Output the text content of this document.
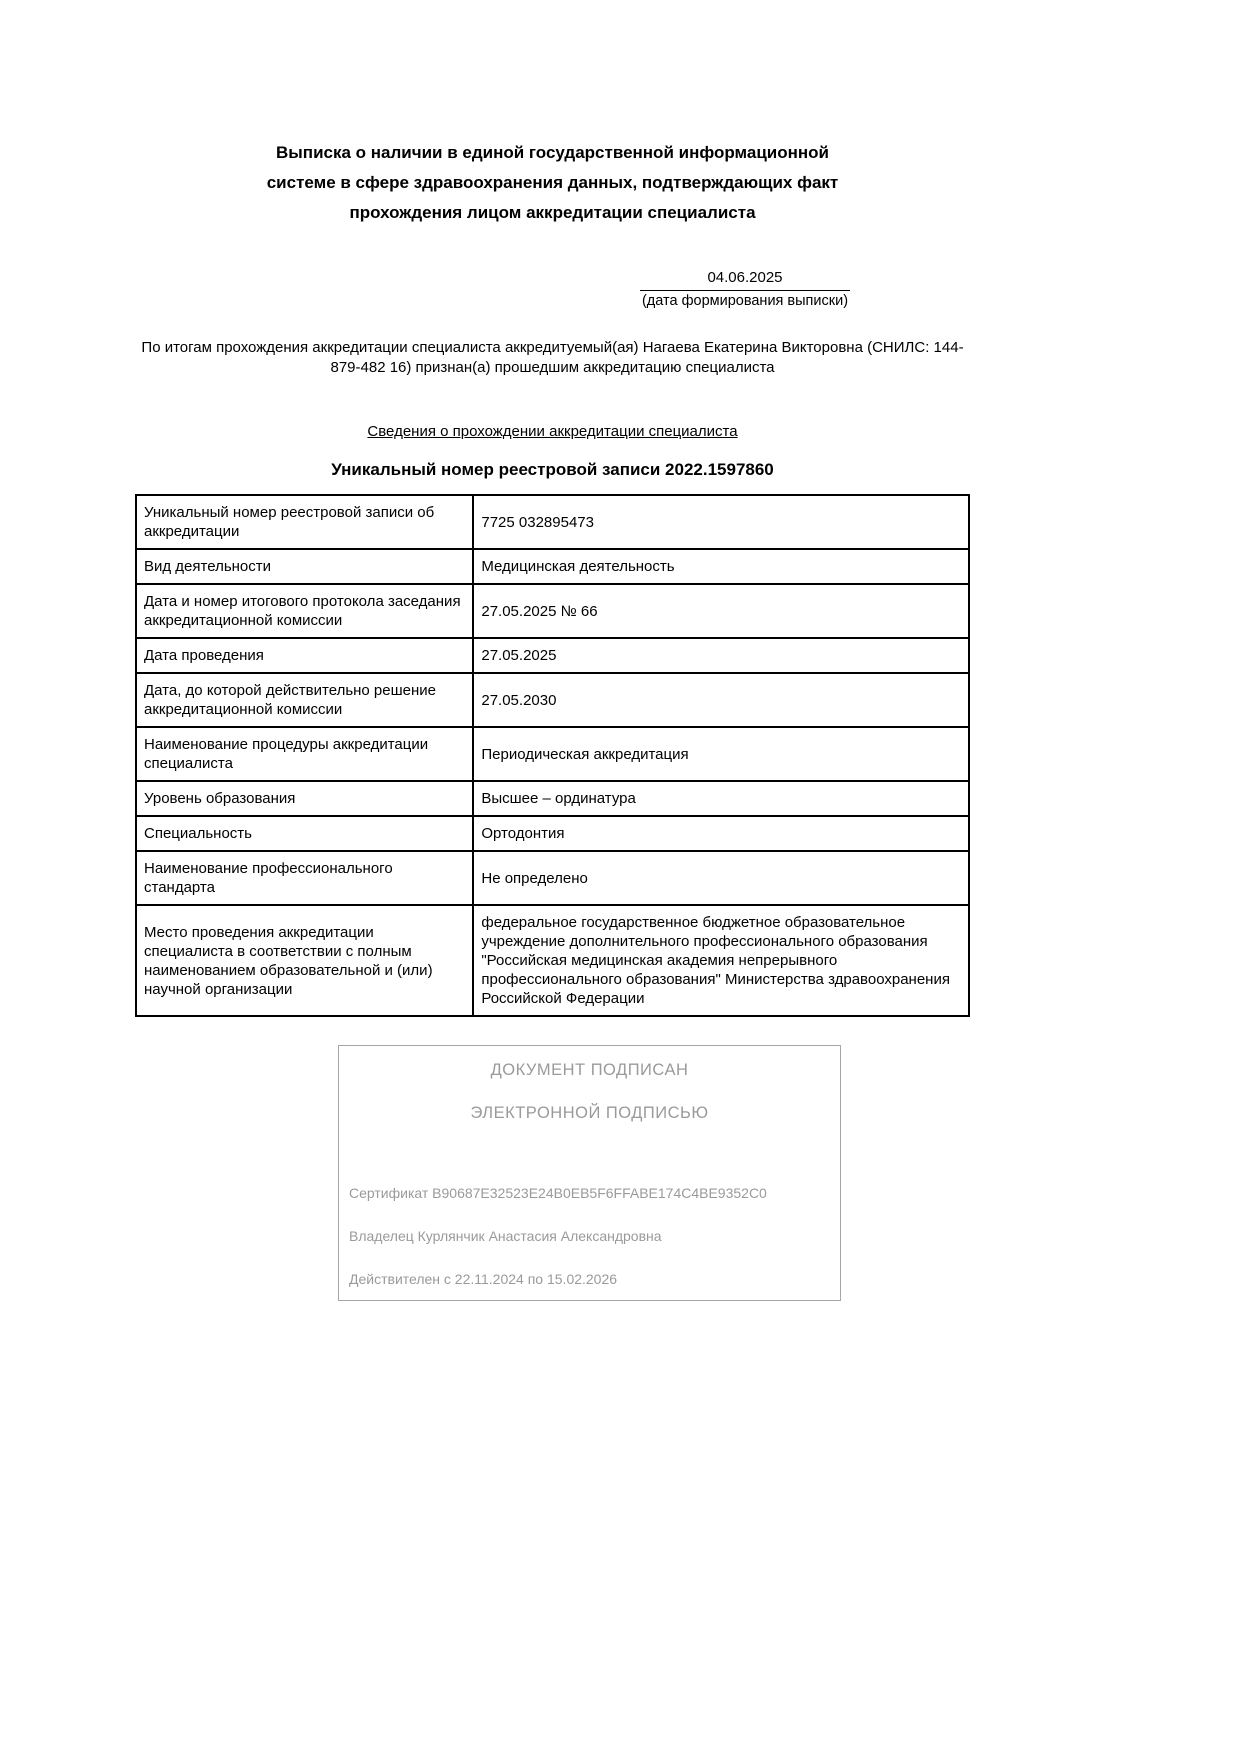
Выписка о наличии в единой государственной информационной
системе в сфере здравоохранения данных, подтверждающих факт
прохождения лицом аккредитации специалиста
04.06.2025
(дата формирования выписки)

По итогам прохождения аккредитации специалиста аккредитуемый(ая) Нагаева Екатерина Викторовна (СНИЛС: 144-879-482 16) признан(а) прошедшим аккредитацию специалиста

Сведения о прохождении аккредитации специалиста
Уникальный номер реестровой записи 2022.1597860
Уникальный номер реестровой записи об аккредитации	7725 032895473
Вид деятельности	Медицинская деятельность
Дата и номер итогового протокола заседания аккредитационной комиссии	27.05.2025 № 66
Дата проведения	27.05.2025
Дата, до которой действительно решение аккредитационной комиссии	27.05.2030
Наименование процедуры аккредитации специалиста	Периодическая аккредитация
Уровень образования	Высшее – ординатура
Специальность	Ортодонтия
Наименование профессионального стандарта	Не определено
Место проведения аккредитации специалиста в соответствии с полным наименованием образовательной и (или) научной организации	федеральное государственное бюджетное образовательное учреждение дополнительного профессионального образования "Российская медицинская академия непрерывного профессионального образования" Министерства здравоохранения Российской Федерации
ДОКУМЕНТ ПОДПИСАН
ЭЛЕКТРОННОЙ ПОДПИСЬЮ
Сертификат B90687E32523E24B0EB5F6FFABE174C4BE9352C0
Владелец Курлянчик Анастасия Александровна
Действителен с 22.11.2024 по 15.02.2026
